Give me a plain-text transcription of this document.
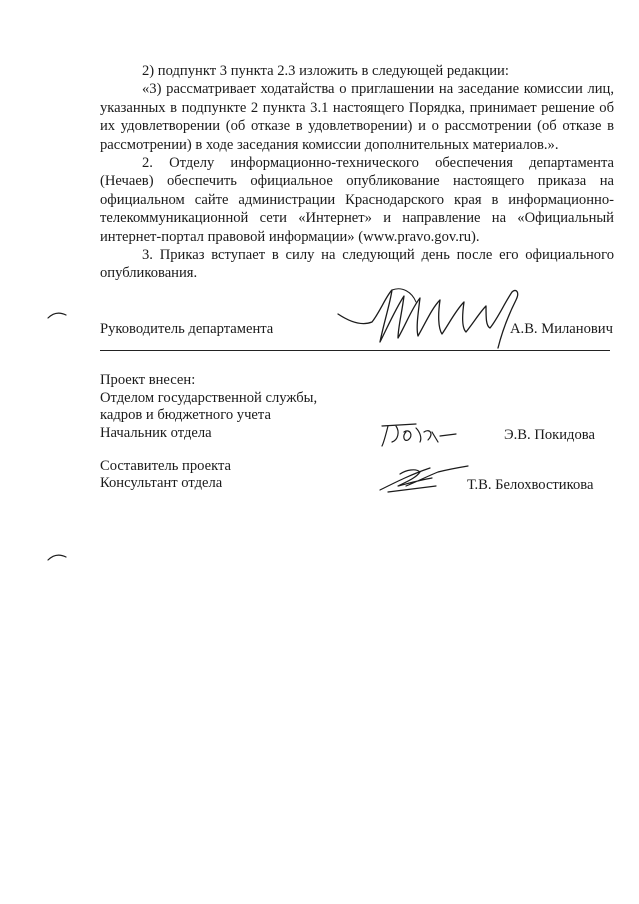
2) подпункт 3 пункта 2.3 изложить в следующей редакции:

«3) рассматривает ходатайства о приглашении на заседание комиссии лиц, указанных в подпункте 2 пункта 3.1 настоящего Порядка, принимает решение об их удовлетворении (об отказе в удовлетворении) и о рассмотрении (об отказе в рассмотрении) в ходе заседания комиссии дополнительных материалов.».

2. Отделу информационно-технического обеспечения департамента (Нечаев) обеспечить официальное опубликование настоящего приказа на официальном сайте администрации Краснодарского края в информационно-телекоммуникационной сети «Интернет» и направление на «Официальный интернет-портал правовой информации» (www.pravo.gov.ru).

3. Приказ вступает в силу на следующий день после его официального опубликования.

Руководитель департамента	А.В. Миланович
Проект внесен:
Отделом государственной службы,
кадров и бюджетного учета
Начальник отдела	Э.В. Покидова
Составитель проекта
Консультант отдела	Т.В. Белохвостикова
